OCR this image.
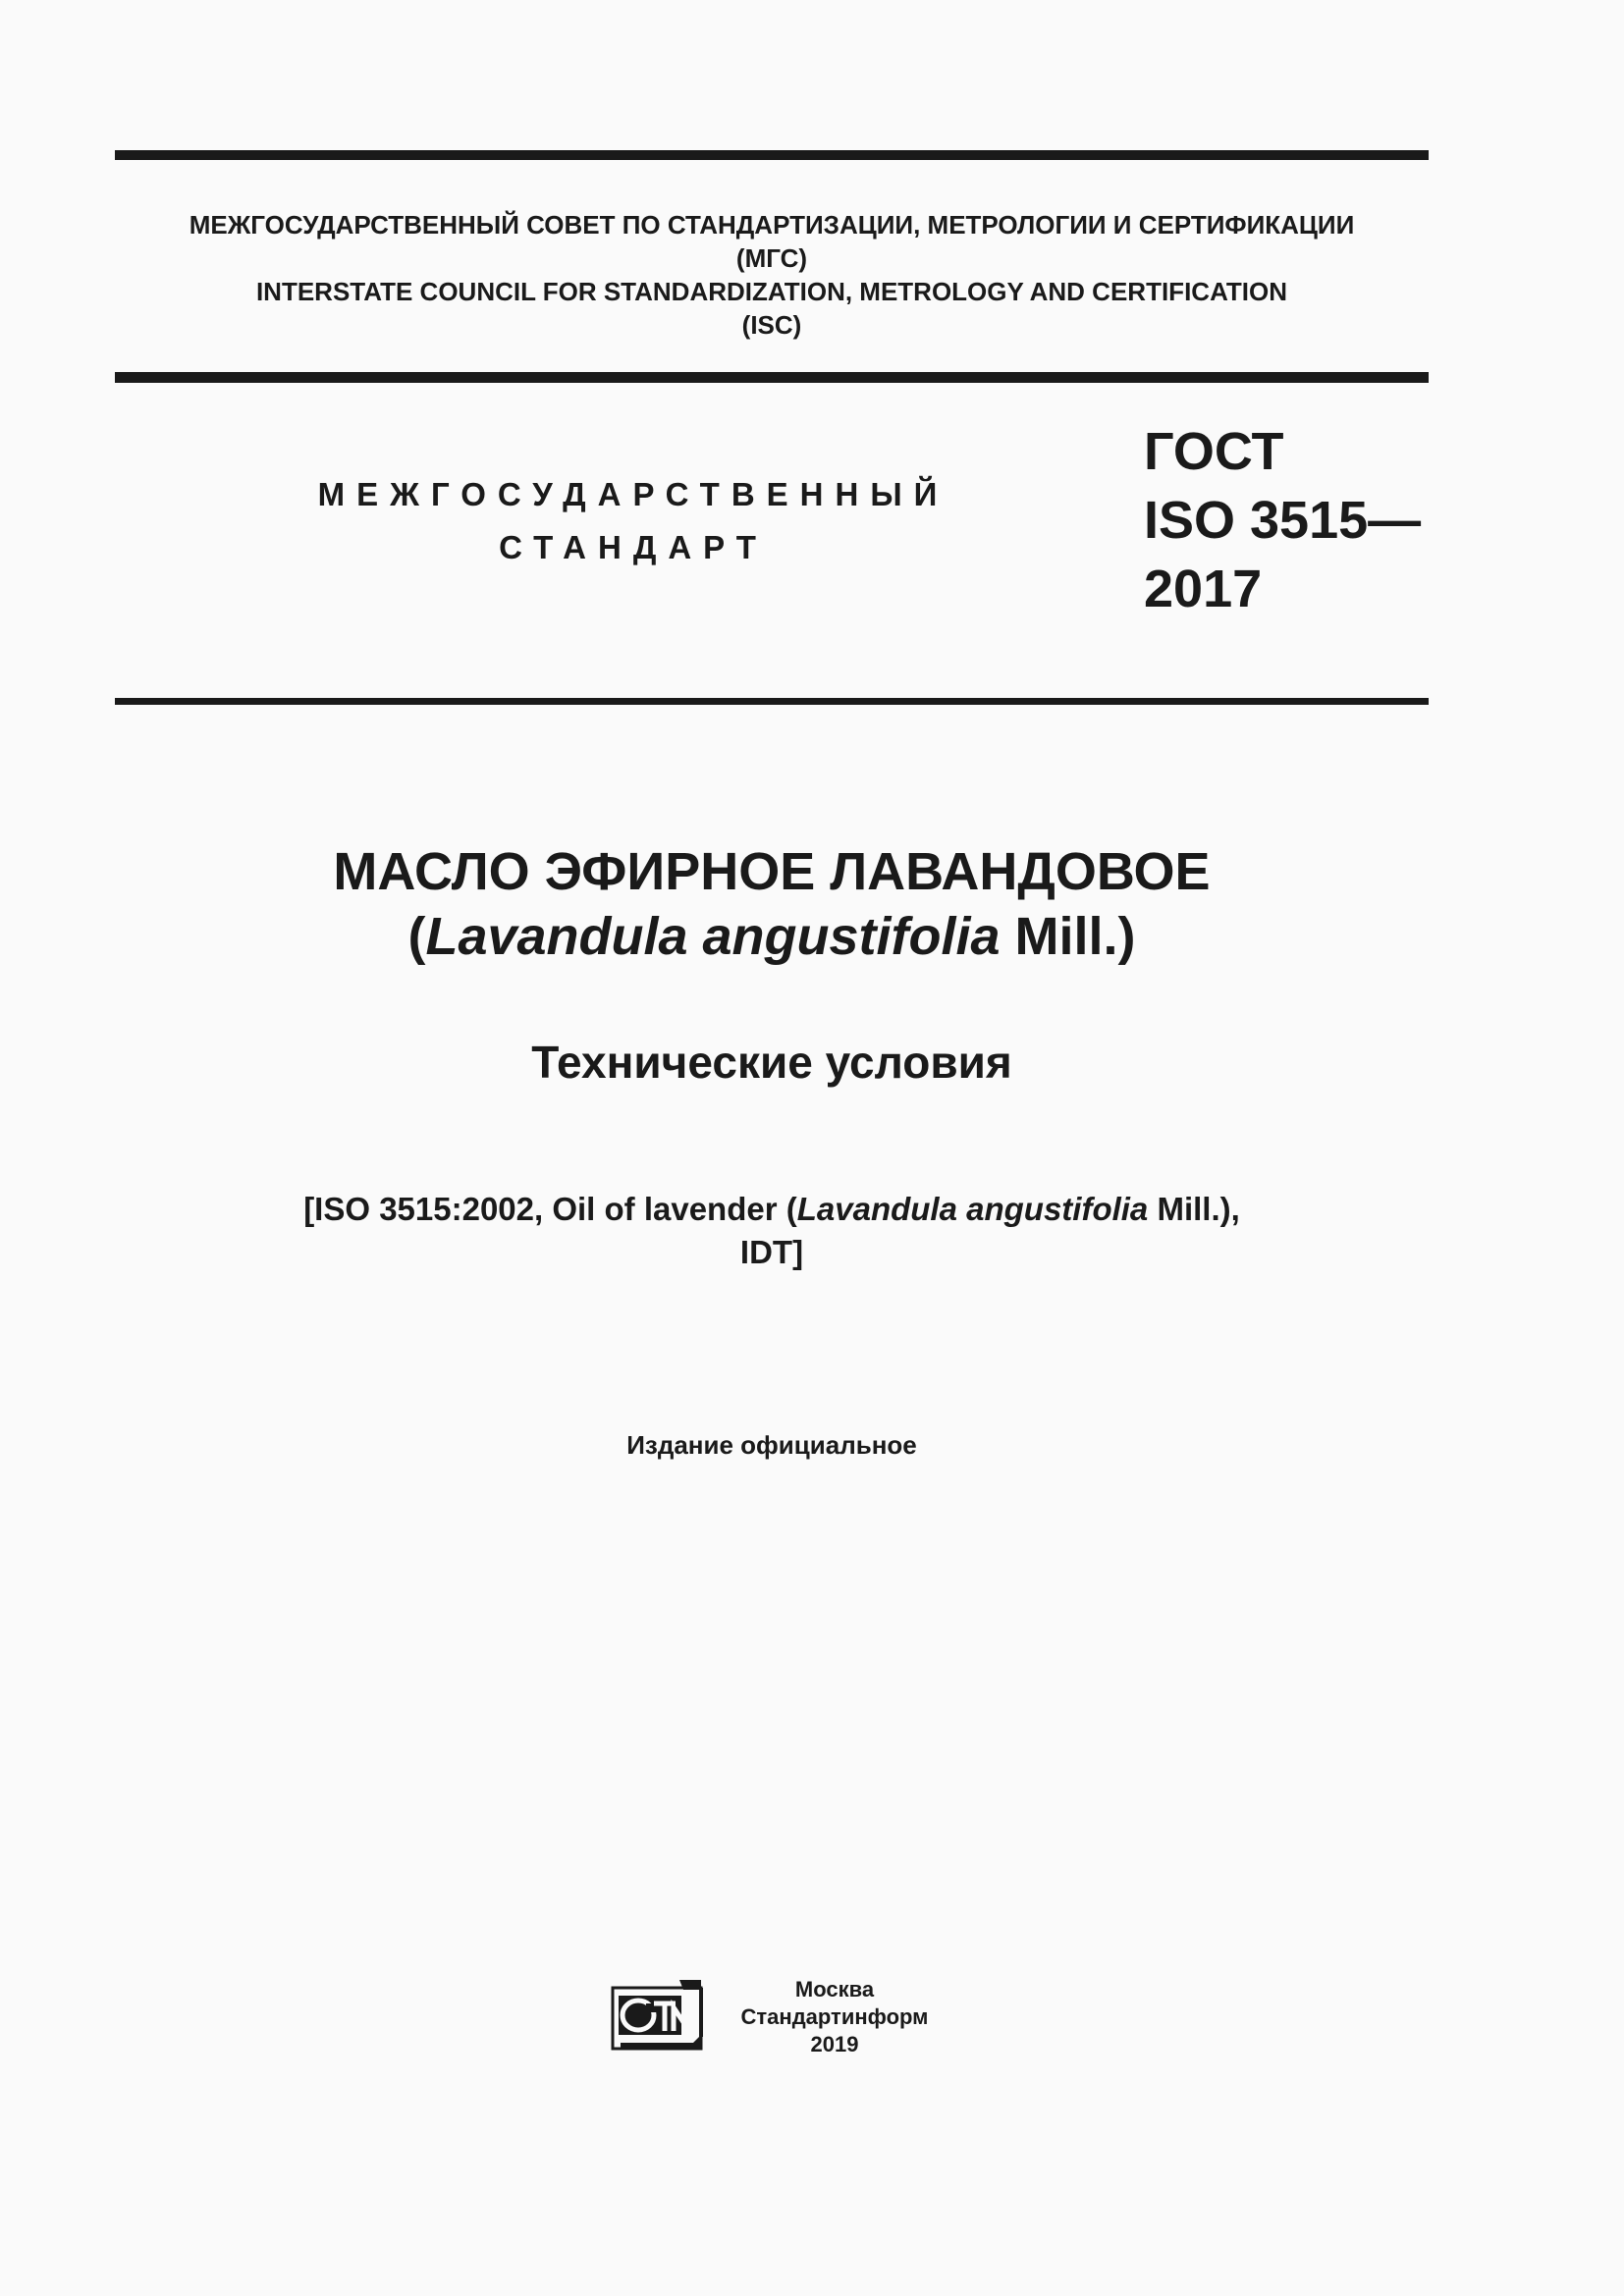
МЕЖГОСУДАРСТВЕННЫЙ СОВЕТ ПО СТАНДАРТИЗАЦИИ, МЕТРОЛОГИИ И СЕРТИФИКАЦИИ
(МГС)
INTERSTATE COUNCIL FOR STANDARDIZATION, METROLOGY AND CERTIFICATION
(ISC)
МЕЖГОСУДАРСТВЕННЫЙ
СТАНДАРТ
ГОСТ
ISO 3515—
2017
МАСЛО ЭФИРНОЕ ЛАВАНДОВОЕ
(Lavandula angustifolia Mill.)
Технические условия
[ISO 3515:2002, Oil of lavender (Lavandula angustifolia Mill.),
IDT]
Издание официальное
Москва
Стандартинформ
2019
